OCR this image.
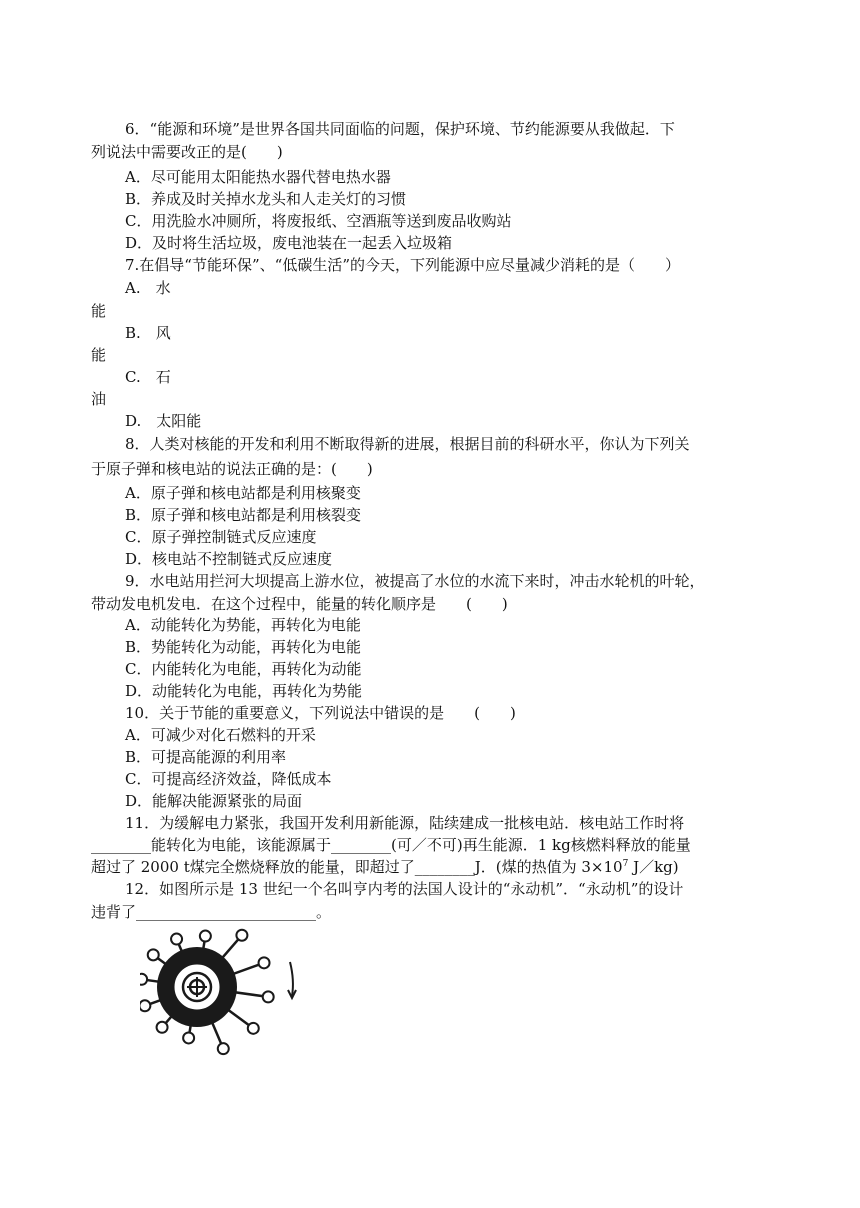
6．“能源和环境”是世界各国共同面临的问题，保护环境、节约能源要从我做起．下
列说法中需要改正的是(　　)
A．尽可能用太阳能热水器代替电热水器
B．养成及时关掉水龙头和人走关灯的习惯
C．用洗脸水冲厕所，将废报纸、空酒瓶等送到废品收购站
D．及时将生活垃圾，废电池装在一起丢入垃圾箱
7.在倡导“节能环保”、“低碳生活”的今天，下列能源中应尽量减少消耗的是（　　）
A.　水
能
B.　风
能
C.　石
油
D.　太阳能
8．人类对核能的开发和利用不断取得新的进展，根据目前的科研水平，你认为下列关
于原子弹和核电站的说法正确的是：(　　)
A．原子弹和核电站都是利用核聚变
B．原子弹和核电站都是利用核裂变
C．原子弹控制链式反应速度
D．核电站不控制链式反应速度
9．水电站用拦河大坝提高上游水位，被提高了水位的水流下来时，冲击水轮机的叶轮，
带动发电机发电．在这个过程中，能量的转化顺序是　　(　　)
A．动能转化为势能，再转化为电能
B．势能转化为动能，再转化为电能
C．内能转化为电能，再转化为动能
D．动能转化为电能，再转化为势能
10．关于节能的重要意义，下列说法中错误的是　　(　　)
A．可减少对化石燃料的开采
B．可提高能源的利用率
C．可提高经济效益，降低成本
D．能解决能源紧张的局面
11．为缓解电力紧张，我国开发利用新能源，陆续建成一批核电站．核电站工作时将
________能转化为电能，该能源属于________(可／不可)再生能源．1 kg核燃料释放的能量
超过了 2000 t煤完全燃烧释放的能量，即超过了________J．(煤的热值为 $3\times 10^7$ J／kg)
12．如图所示是 13 世纪一个名叫亨内考的法国人设计的“永动机”．“永动机”的设计
违背了________________________。
